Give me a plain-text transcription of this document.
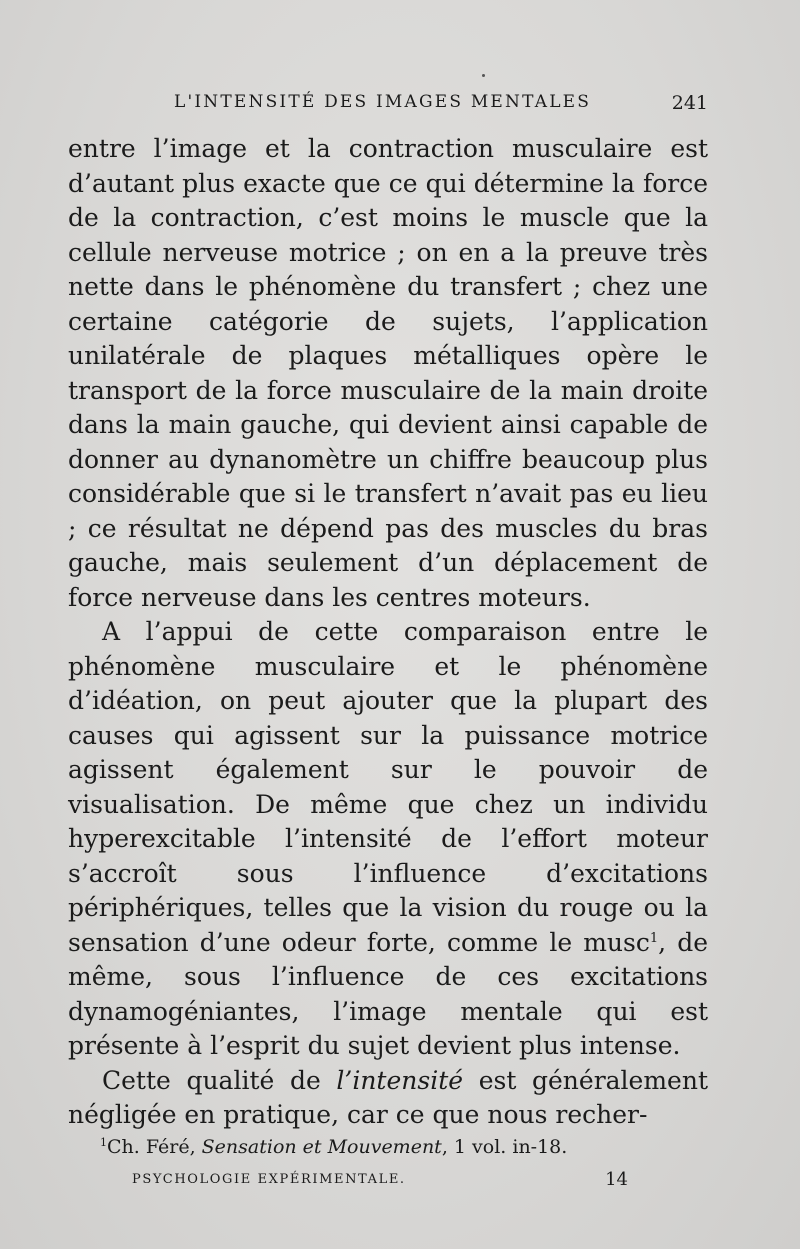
L'INTENSITÉ DES IMAGES MENTALES	241

entre l’image et la contraction musculaire est d’autant plus exacte que ce qui détermine la force de la contraction, c’est moins le muscle que la cellule nerveuse motrice ; on en a la preuve très nette dans le phénomène du transfert ; chez une certaine catégorie de sujets, l’application unilatérale de plaques métalliques opère le transport de la force musculaire de la main droite dans la main gauche, qui devient ainsi capable de donner au dynanomètre un chiffre beaucoup plus considérable que si le transfert n’avait pas eu lieu ; ce résultat ne dépend pas des muscles du bras gauche, mais seulement d’un déplacement de force nerveuse dans les centres moteurs.

A l’appui de cette comparaison entre le phénomène musculaire et le phénomène d’idéation, on peut ajouter que la plupart des causes qui agissent sur la puissance motrice agissent également sur le pouvoir de visualisation. De même que chez un individu hyperexcitable l’intensité de l’effort moteur s’accroît sous l’influence d’excitations périphériques, telles que la vision du rouge ou la sensation d’une odeur forte, comme le musc$^1$, de même, sous l’influence de ces excitations dynamogéniantes, l’image mentale qui est présente à l’esprit du sujet devient plus intense.

Cette qualité de l’intensité est généralement négligée en pratique, car ce que nous recher-

$^1$Ch. Féré, Sensation et Mouvement, 1 vol. in-18.
PSYCHOLOGIE EXPÉRIMENTALE.	14
